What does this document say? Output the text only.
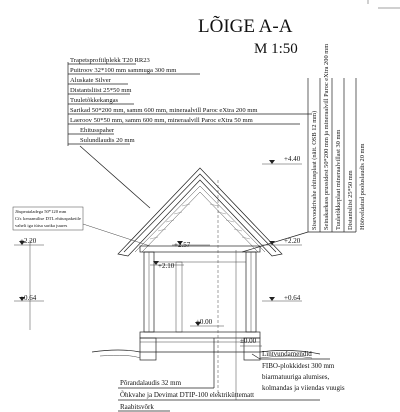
LÕIGE A-A
M 1:50
Trapetsprofiilplekk T20 RR23
Puitroov 32*100 mm sammuga 300 mm
Aluskate Silver
Distantsliist 25*50 mm
Tuuletõkkekangas
Sarikad 50*200 mm, samm 600 mm, mineraalvill Paroc eXtra 200 mm
Laeroov 50*50 mm, samm 600 mm, mineraalvill Paroc eXtra 50 mm
Ehitusspaher
Sulundlaudis 20 mm	Sisevoodrivahe ehitusplaat (näit. OSB 12 mm) Seinakarkass prussidest 50*200 mm ja mineraalvill Paroc eXtra 200 mm Tuuletõkkeplaat mineraalvillast 30 mm Distantsliist 25*50 mm Hööveldatud pooluslaudis 20 mm
Jõupeataladega 50*120 mm
Cfr. keraamilise DTL ehituspaketile
vaheli iga tütsa sarika juures
+4.40
+2.57
+2.20	+2.20
+2.10
+0.64	+0.64
±0.00
±0.00
Lintvundamendid
FIBO-plokkidest 300 mm
biarmatuuriga alumises,
kolmandas ja viiendas vuugis
Põrandalaudis 32 mm
Õhkvahe ja Devimat DTIP-100 elektriküttematt
Raabitsvõrk
